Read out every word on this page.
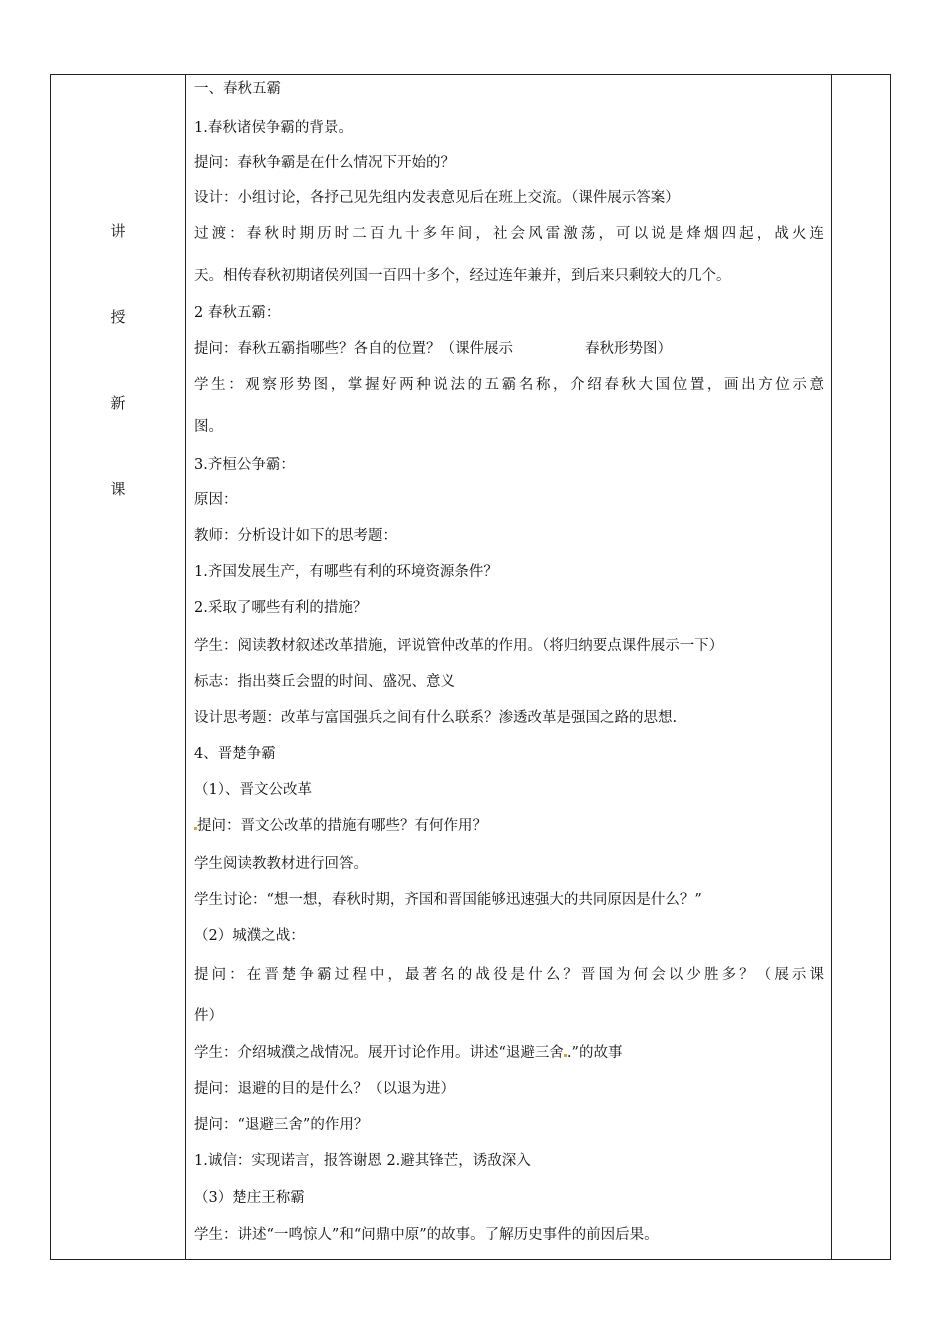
讲
授
新
课
一、春秋五霸
1.春秋诸侯争霸的背景。
提问：春秋争霸是在什么情况下开始的？
设计：小组讨论，各抒己见先组内发表意见后在班上交流。（课件展示答案）
过渡：春秋时期历时二百九十多年间，社会风雷激荡，可以说是烽烟四起，战火连
天。相传春秋初期诸侯列国一百四十多个，经过连年兼并，到后来只剩较大的几个。
2 春秋五霸：
提问：春秋五霸指哪些？各自的位置？（课件展示	春秋形势图）
学生：观察形势图，掌握好两种说法的五霸名称，介绍春秋大国位置，画出方位示意
图。
3.齐桓公争霸：
原因：
教师：分析设计如下的思考题：
1.齐国发展生产，有哪些有利的环境资源条件？
2.采取了哪些有利的措施？
学生：阅读教材叙述改革措施，评说管仲改革的作用。（将归纳要点课件展示一下）
标志：指出葵丘会盟的时间、盛况、意义
设计思考题：改革与富国强兵之间有什么联系？渗透改革是强国之路的思想.
4、晋楚争霸
（1）、晋文公改革
提问：晋文公改革的措施有哪些？有何作用？
学生阅读教教材进行回答。
学生讨论：“想一想，春秋时期，齐国和晋国能够迅速强大的共同原因是什么？”
（2）城濮之战：
提问：在晋楚争霸过程中，最著名的战役是什么？晋国为何会以少胜多？（展示课
件）
学生：介绍城濮之战情况。展开讨论作用。讲述“退避三舍 .”的故事
提问：退避的目的是什么？（以退为进）
提问：“退避三舍”的作用？
1.诚信：实现诺言，报答谢恩 2.避其锋芒，诱敌深入
（3）楚庄王称霸
学生：讲述“一鸣惊人”和“问鼎中原”的故事。了解历史事件的前因后果。
